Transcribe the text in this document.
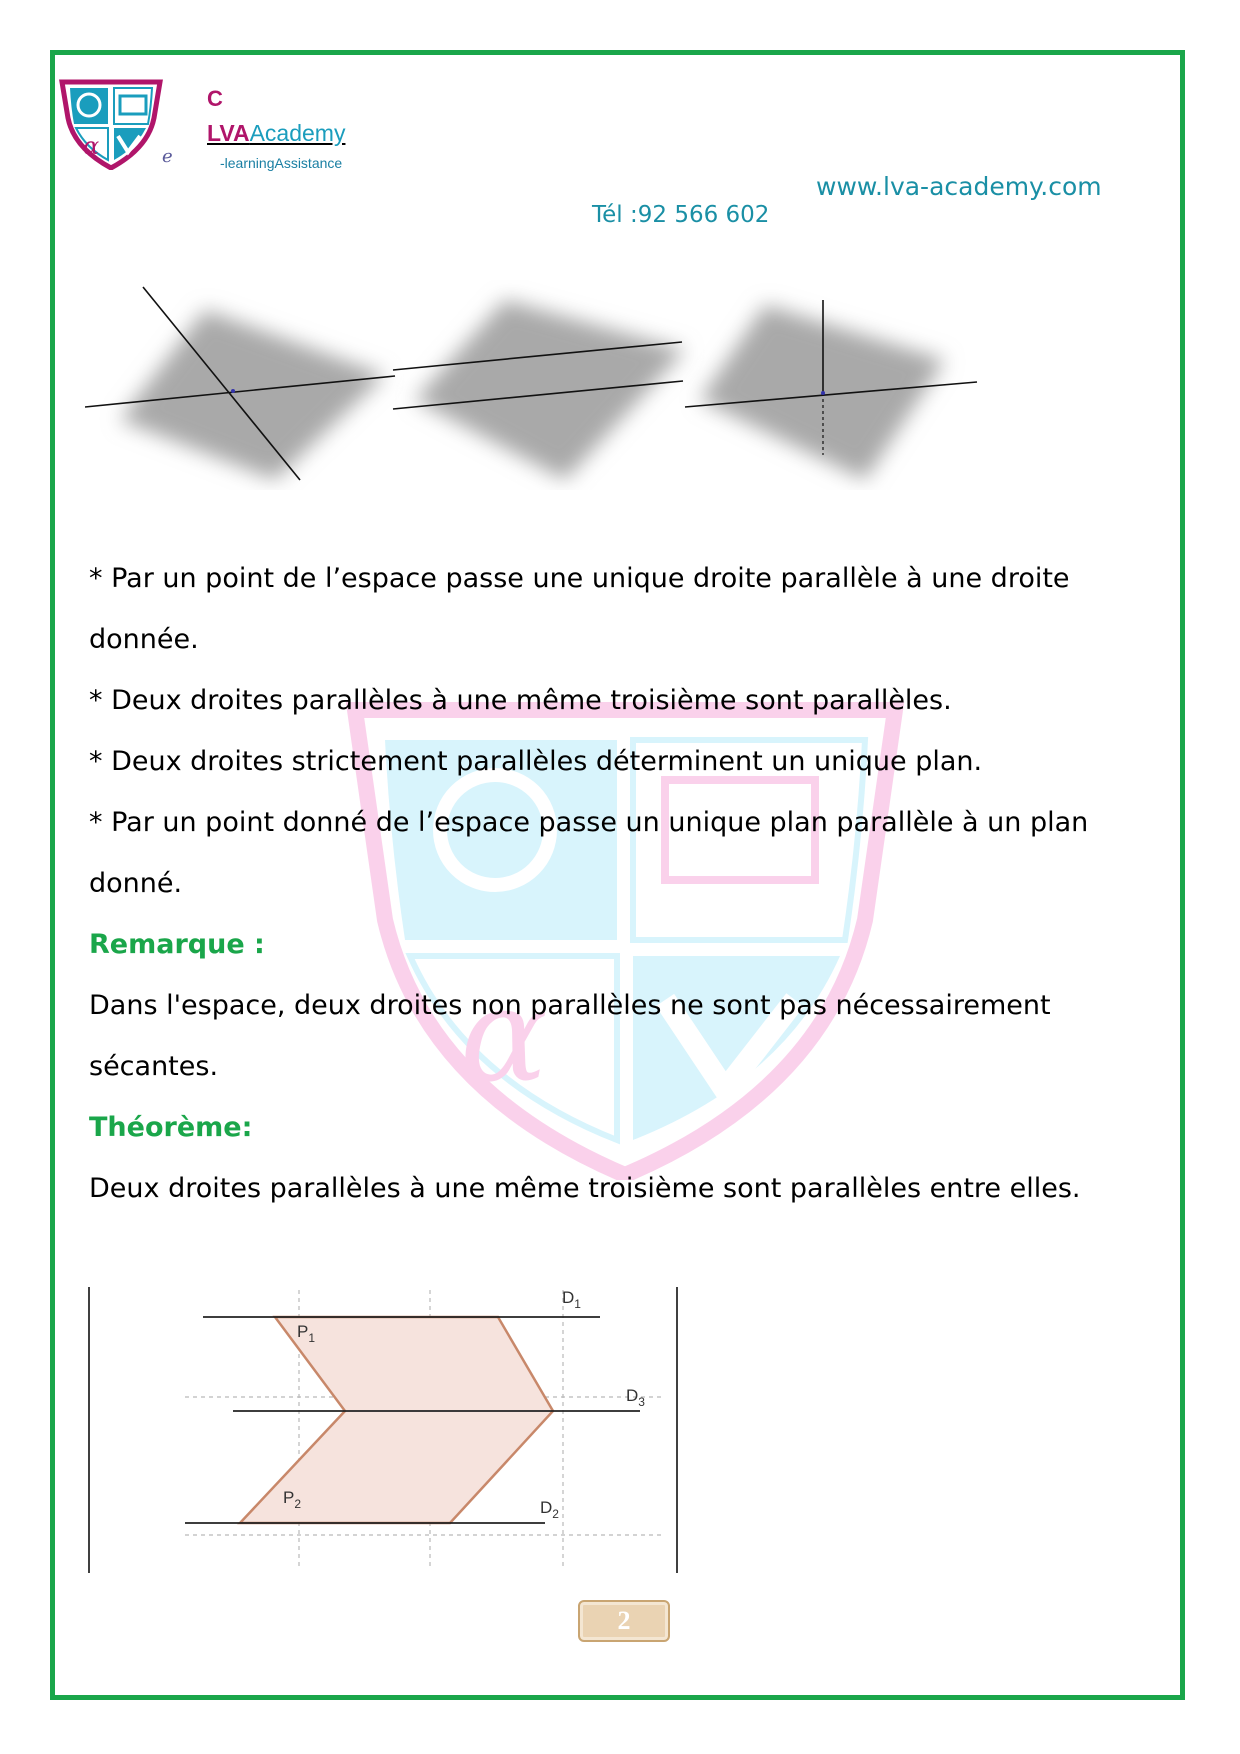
α	e
C
LVAAcademy
-learningAssistance
www.lva-academy.com
Tél :92 566 602
α

* Par un point de l’espace passe une unique droite parallèle à une droite

donnée.

* Deux droites parallèles à une même troisième sont parallèles.

* Deux droites strictement parallèles déterminent un unique plan.

* Par un point donné de l’espace passe un unique plan parallèle à un plan

donné.

Remarque :

Dans l'espace, deux droites non parallèles ne sont pas nécessairement

sécantes.

Théorème:

Deux droites parallèles à une même troisième sont parallèles entre elles.

$D_1$
$D_3$
$D_2$
$P_1$
$P_2$
2
